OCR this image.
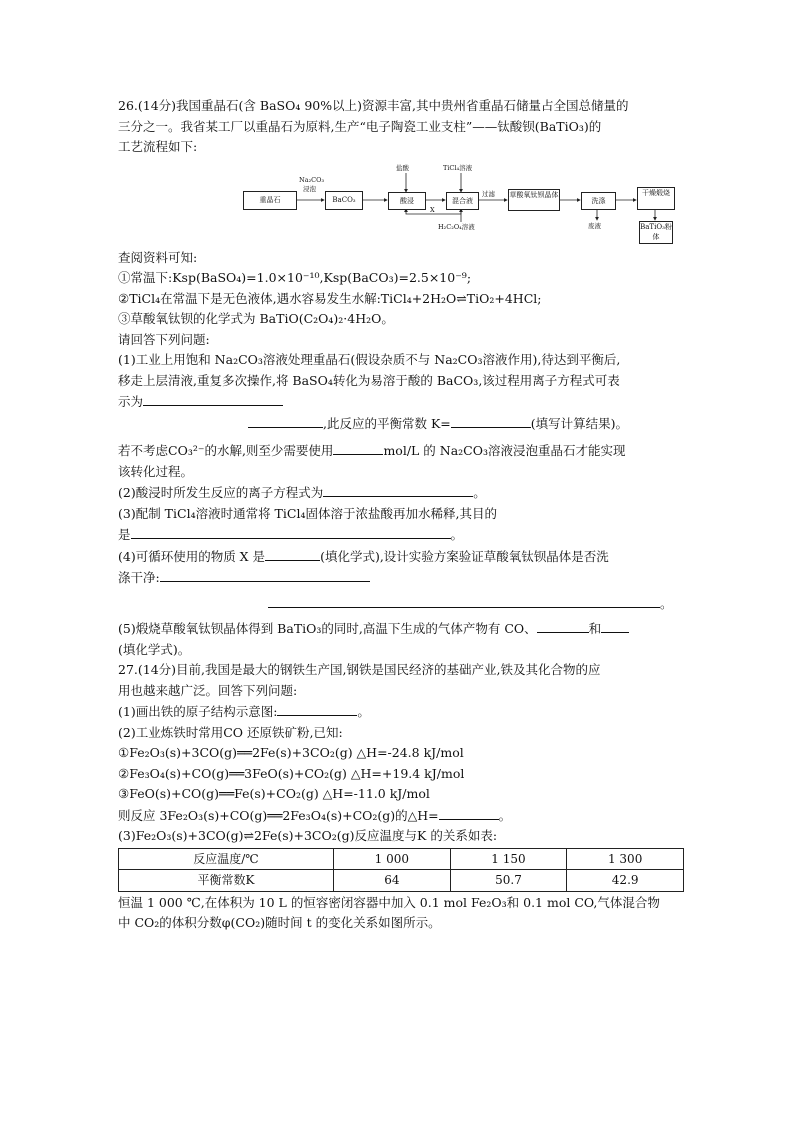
26.(14分)我国重晶石(含 BaSO₄ 90%以上)资源丰富,其中贵州省重晶石储量占全国总储量的
三分之一。我省某工厂以重晶石为原料,生产“电子陶瓷工业支柱”——钛酸钡(BaTiO₃)的
工艺流程如下:
重晶石
Na₂CO₃
浸泡
BaCO₃
盐酸
酸浸
TiCl₄溶液
混合液
X
H₂C₂O₄溶液
过滤 草酸氧钛钡晶体
洗涤
废液
干燥煅烧
BaTiO₃粉体
查阅资料可知:
①常温下:Ksp(BaSO₄)=1.0×10⁻¹⁰,Ksp(BaCO₃)=2.5×10⁻⁹;
②TiCl₄在常温下是无色液体,遇水容易发生水解:TiCl₄+2H₂O⇌TiO₂+4HCl;
③草酸氧钛钡的化学式为 BaTiO(C₂O₄)₂·4H₂O。
请回答下列问题:
(1)工业上用饱和 Na₂CO₃溶液处理重晶石(假设杂质不与 Na₂CO₃溶液作用),待达到平衡后,
移走上层清液,重复多次操作,将 BaSO₄转化为易溶于酸的 BaCO₃,该过程用离子方程式可表
示为
,此反应的平衡常数 K=	(填写计算结果)。
若不考虑CO₃²⁻的水解,则至少需要使用	mol/L 的 Na₂CO₃溶液浸泡重晶石才能实现
该转化过程。
(2)酸浸时所发生反应的离子方程式为	。
(3)配制 TiCl₄溶液时通常将 TiCl₄固体溶于浓盐酸再加水稀释,其目的
是	。
(4)可循环使用的物质 X 是	(填化学式),设计实验方案验证草酸氧钛钡晶体是否洗
涤干净:
。
(5)煅烧草酸氧钛钡晶体得到 BaTiO₃的同时,高温下生成的气体产物有 CO、	和
(填化学式)。
27.(14分)目前,我国是最大的钢铁生产国,钢铁是国民经济的基础产业,铁及其化合物的应
用也越来越广泛。回答下列问题:
(1)画出铁的原子结构示意图:	。
(2)工业炼铁时常用CO 还原铁矿粉,已知:
①Fe₂O₃(s)+3CO(g)══2Fe(s)+3CO₂(g) △H=-24.8 kJ/mol
②Fe₃O₄(s)+CO(g)══3FeO(s)+CO₂(g) △H=+19.4 kJ/mol
③FeO(s)+CO(g)══Fe(s)+CO₂(g) △H=-11.0 kJ/mol
则反应 3Fe₂O₃(s)+CO(g)══2Fe₃O₄(s)+CO₂(g)的△H=	。
(3)Fe₂O₃(s)+3CO(g)⇌2Fe(s)+3CO₂(g)反应温度与K 的关系如表:
反应温度/℃	1 000	1 150	1 300
平衡常数K	64	50.7	42.9
恒温 1 000 ℃,在体积为 10 L 的恒容密闭容器中加入 0.1 mol Fe₂O₃和 0.1 mol CO,气体混合物
中 CO₂的体积分数φ(CO₂)随时间 t 的变化关系如图所示。
